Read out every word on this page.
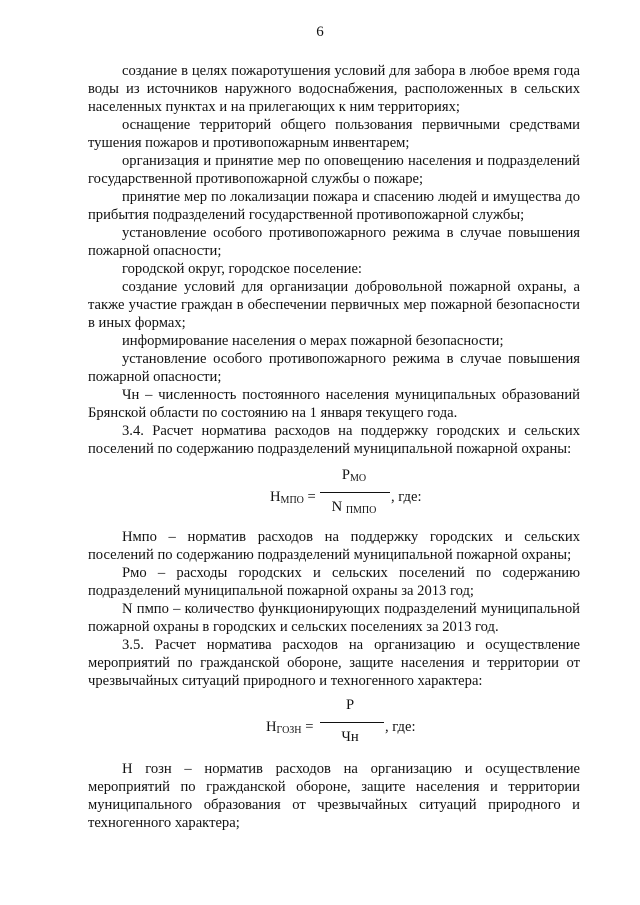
6

создание в целях пожаротушения условий для забора в любое время года воды из источников наружного водоснабжения, расположенных в сельских населенных пунктах и на прилегающих к ним территориях;

оснащение территорий общего пользования первичными средствами тушения пожаров и противопожарным инвентарем;

организация и принятие мер по оповещению населения и подразделений государственной противопожарной службы о пожаре;

принятие мер по локализации пожара и спасению людей и имущества до прибытия подразделений государственной противопожарной службы;

установление особого противопожарного режима в случае повышения пожарной опасности;

городской округ, городское поселение:

создание условий для организации добровольной пожарной охраны, а также участие граждан в обеспечении первичных мер пожарной безопасности в иных формах;

информирование населения о мерах пожарной безопасности;

установление особого противопожарного режима в случае повышения пожарной опасности;

Чн – численность постоянного населения муниципальных образований Брянской области по состоянию на 1 января текущего года.

3.4. Расчет норматива расходов на поддержку городских и сельских поселений по содержанию подразделений муниципальной пожарной охраны:

$Н_{МПО}$ =
$Р_{МО}$
N $_{ПМПО}$
, где:

Нмпо – норматив расходов на поддержку городских и сельских поселений по содержанию подразделений муниципальной пожарной охраны;

Рмо – расходы городских и сельских поселений по содержанию подразделений муниципальной пожарной охраны за 2013 год;

N пмпо – количество функционирующих подразделений муниципальной пожарной охраны в городских и сельских поселениях за 2013 год.

3.5. Расчет норматива расходов на организацию и осуществление мероприятий по гражданской обороне, защите населения и территории от чрезвычайных ситуаций природного и техногенного характера:

$Н_{ГОЗН}$ =
Р
Чн
, где:

Н гозн – норматив расходов на организацию и осуществление мероприятий по гражданской обороне, защите населения и территории муниципального образования от чрезвычайных ситуаций природного и техногенного характера;
